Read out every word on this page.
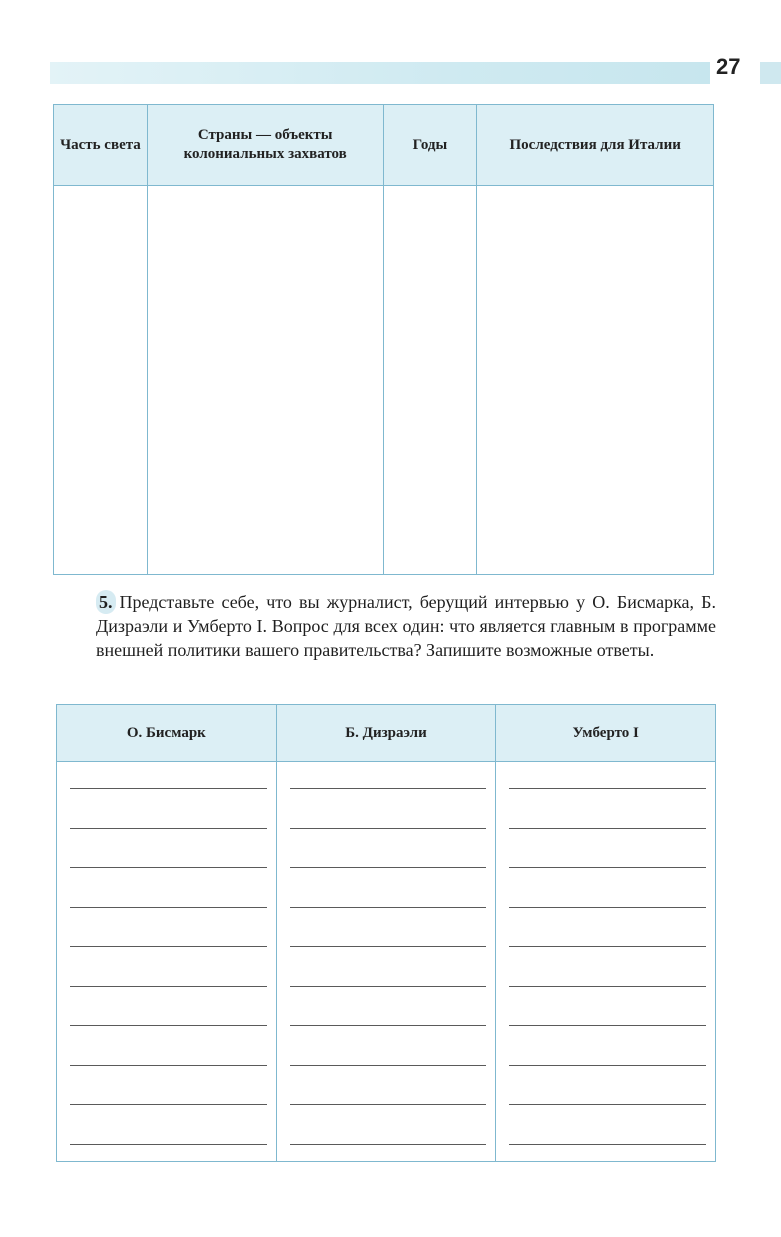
27
Часть света	Страны — объекты колониальных захватов	Годы	Последствия для Италии

5. Представьте себе, что вы журналист, берущий интервью у О. Бисмарка, Б. Дизраэли и Умберто I. Вопрос для всех один: что является главным в программе внешней политики вашего правительства? Запишите возможные ответы.
О. Бисмарк	Б. Дизраэли	Умберто I
